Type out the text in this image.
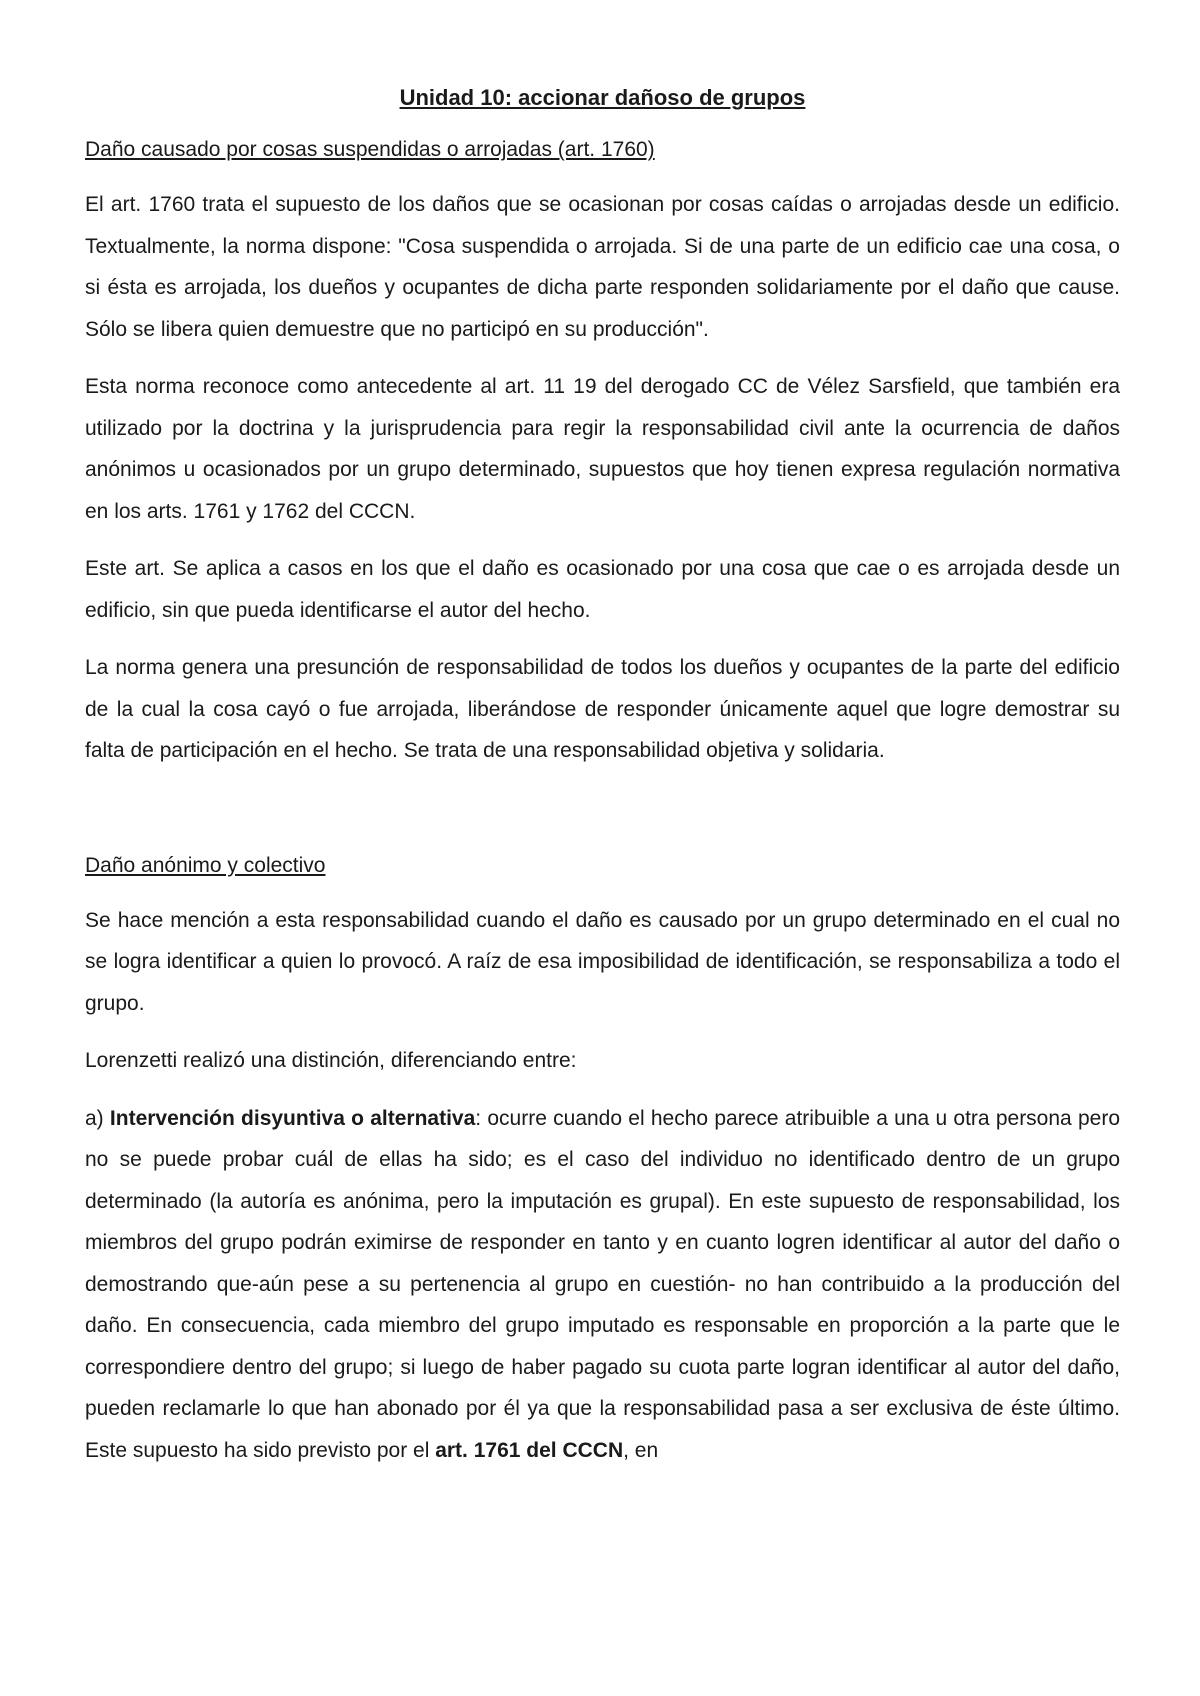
Unidad 10: accionar dañoso de grupos
Daño causado por cosas suspendidas o arrojadas (art. 1760)

El art. 1760 trata el supuesto de los daños que se ocasionan por cosas caídas o arrojadas desde un edificio. Textualmente, la norma dispone: "Cosa suspendida o arrojada. Si de una parte de un edificio cae una cosa, o si ésta es arrojada, los dueños y ocupantes de dicha parte responden solidariamente por el daño que cause. Sólo se libera quien demuestre que no participó en su producción".

Esta norma reconoce como antecedente al art. 11 19 del derogado CC de Vélez Sarsfield, que también era utilizado por la doctrina y la jurisprudencia para regir la responsabilidad civil ante la ocurrencia de daños anónimos u ocasionados por un grupo determinado, supuestos que hoy tienen expresa regulación normativa en los arts. 1761 y 1762 del CCCN.

Este art. Se aplica a casos en los que el daño es ocasionado por una cosa que cae o es arrojada desde un edificio, sin que pueda identificarse el autor del hecho.

La norma genera una presunción de responsabilidad de todos los dueños y ocupantes de la parte del edificio de la cual la cosa cayó o fue arrojada, liberándose de responder únicamente aquel que logre demostrar su falta de participación en el hecho. Se trata de una responsabilidad objetiva y solidaria.

Daño anónimo y colectivo

Se hace mención a esta responsabilidad cuando el daño es causado por un grupo determinado en el cual no se logra identificar a quien lo provocó. A raíz de esa imposibilidad de identificación, se responsabiliza a todo el grupo.

Lorenzetti realizó una distinción, diferenciando entre:

a) Intervención disyuntiva o alternativa: ocurre cuando el hecho parece atribuible a una u otra persona pero no se puede probar cuál de ellas ha sido; es el caso del individuo no identificado dentro de un grupo determinado (la autoría es anónima, pero la imputación es grupal). En este supuesto de responsabilidad, los miembros del grupo podrán eximirse de responder en tanto y en cuanto logren identificar al autor del daño o demostrando que-aún pese a su pertenencia al grupo en cuestión- no han contribuido a la producción del daño. En consecuencia, cada miembro del grupo imputado es responsable en proporción a la parte que le correspondiere dentro del grupo; si luego de haber pagado su cuota parte logran identificar al autor del daño, pueden reclamarle lo que han abonado por él ya que la responsabilidad pasa a ser exclusiva de éste último. Este supuesto ha sido previsto por el art. 1761 del CCCN, en
